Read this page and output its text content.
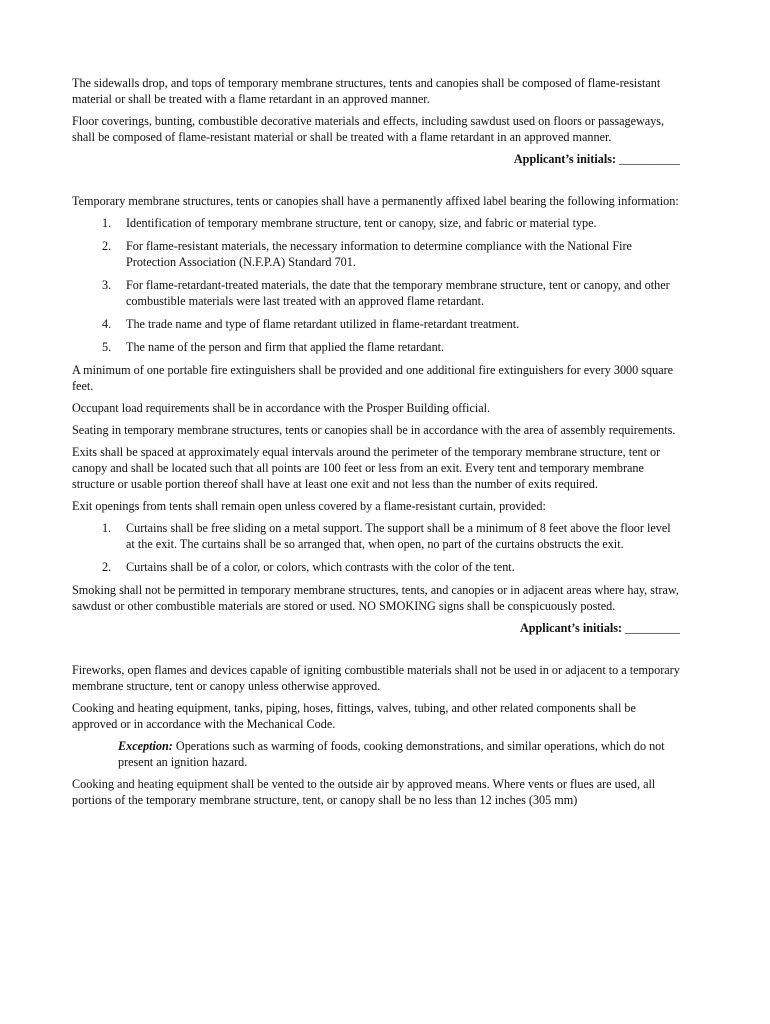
The sidewalls drop, and tops of temporary membrane structures, tents and canopies shall be composed of flame-resistant material or shall be treated with a flame retardant in an approved manner.

Floor coverings, bunting, combustible decorative materials and effects, including sawdust used on floors or passageways, shall be composed of flame-resistant material or shall be treated with a flame retardant in an approved manner.

Applicant’s initials: __________

Temporary membrane structures, tents or canopies shall have a permanently affixed label bearing the following information:

1. Identification of temporary membrane structure, tent or canopy, size, and fabric or material type.
2. For flame-resistant materials, the necessary information to determine compliance with the National Fire Protection Association (N.F.P.A) Standard 701.
3. For flame-retardant-treated materials, the date that the temporary membrane structure, tent or canopy, and other combustible materials were last treated with an approved flame retardant.
4. The trade name and type of flame retardant utilized in flame-retardant treatment.
5. The name of the person and firm that applied the flame retardant.

A minimum of one portable fire extinguishers shall be provided and one additional fire extinguishers for every 3000 square feet.

Occupant load requirements shall be in accordance with the Prosper Building official.

Seating in temporary membrane structures, tents or canopies shall be in accordance with the area of assembly requirements.

Exits shall be spaced at approximately equal intervals around the perimeter of the temporary membrane structure, tent or canopy and shall be located such that all points are 100 feet or less from an exit. Every tent and temporary membrane structure or usable portion thereof shall have at least one exit and not less than the number of exits required.

Exit openings from tents shall remain open unless covered by a flame-resistant curtain, provided:

1. Curtains shall be free sliding on a metal support. The support shall be a minimum of 8 feet above the floor level at the exit. The curtains shall be so arranged that, when open, no part of the curtains obstructs the exit.
2. Curtains shall be of a color, or colors, which contrasts with the color of the tent.

Smoking shall not be permitted in temporary membrane structures, tents, and canopies or in adjacent areas where hay, straw, sawdust or other combustible materials are stored or used. NO SMOKING signs shall be conspicuously posted.

Applicant’s initials: _________

Fireworks, open flames and devices capable of igniting combustible materials shall not be used in or adjacent to a temporary membrane structure, tent or canopy unless otherwise approved.

Cooking and heating equipment, tanks, piping, hoses, fittings, valves, tubing, and other related components shall be approved or in accordance with the Mechanical Code.

Exception: Operations such as warming of foods, cooking demonstrations, and similar operations, which do not present an ignition hazard.

Cooking and heating equipment shall be vented to the outside air by approved means. Where vents or flues are used, all portions of the temporary membrane structure, tent, or canopy shall be no less than 12 inches (305 mm)
